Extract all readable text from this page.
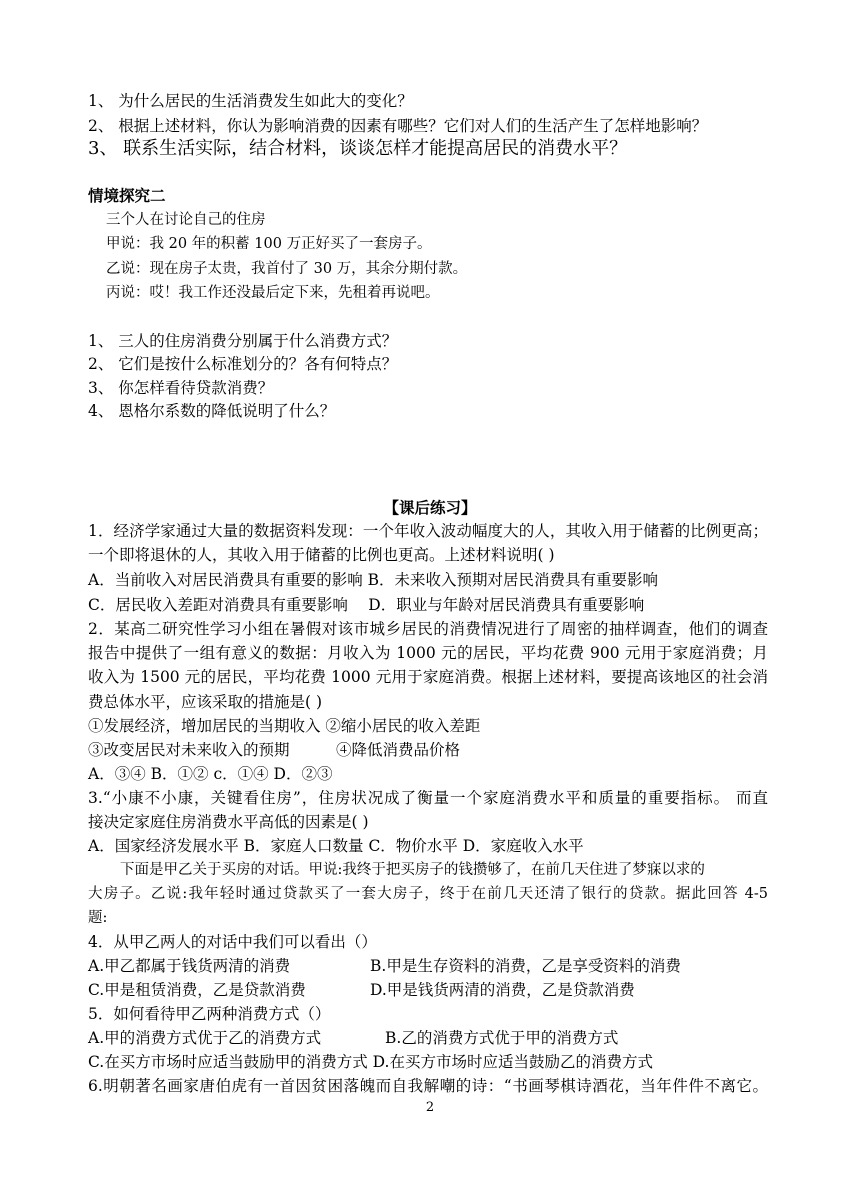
1、 为什么居民的生活消费发生如此大的变化？
2、 根据上述材料，你认为影响消费的因素有哪些？它们对人们的生活产生了怎样地影响？
3、 联系生活实际，结合材料，谈谈怎样才能提高居民的消费水平？
情境探究二
三个人在讨论自己的住房
甲说：我 20 年的积蓄 100 万正好买了一套房子。
乙说：现在房子太贵，我首付了 30 万，其余分期付款。
丙说：哎！我工作还没最后定下来，先租着再说吧。
1、 三人的住房消费分别属于什么消费方式？
2、 它们是按什么标准划分的？各有何特点？
3、 你怎样看待贷款消费？
4、 恩格尔系数的降低说明了什么？
【课后练习】
1．经济学家通过大量的数据资料发现：一个年收入波动幅度大的人，其收入用于储蓄的比例更高；
一个即将退休的人，其收入用于储蓄的比例也更高。上述材料说明( )
A．当前收入对居民消费具有重要的影响 B．未来收入预期对居民消费具有重要影响
C．居民收入差距对消费具有重要影响　 D．职业与年龄对居民消费具有重要影响
2．某高二研究性学习小组在暑假对该市城乡居民的消费情况进行了周密的抽样调查，他们的调查
报告中提供了一组有意义的数据：月收入为 1000 元的居民，平均花费 900 元用于家庭消费；月
收入为 1500 元的居民，平均花费 1000 元用于家庭消费。根据上述材料，要提高该地区的社会消
费总体水平，应该采取的措施是( )
①发展经济，增加居民的当期收入 ②缩小居民的收入差距
③改变居民对未来收入的预期　　　④降低消费品价格
A．③④ B．①② c．①④ D．②③
3.“小康不小康，关键看住房”，住房状况成了衡量一个家庭消费水平和质量的重要指标。 而直
接决定家庭住房消费水平高低的因素是( )
A．国家经济发展水平 B．家庭人口数量 C．物价水平 D．家庭收入水平
下面是甲乙关于买房的对话。甲说:我终于把买房子的钱攒够了，在前几天住进了梦寐以求的
大房子。乙说:我年轻时通过贷款买了一套大房子，终于在前几天还清了银行的贷款。据此回答 4-5
题:
4．从甲乙两人的对话中我们可以看出（）
A.甲乙都属于钱货两清的消费	B.甲是生存资料的消费，乙是享受资料的消费
C.甲是租赁消费，乙是贷款消费	D.甲是钱货两清的消费，乙是贷款消费
5．如何看待甲乙两种消费方式（）
A.甲的消费方式优于乙的消费方式	B.乙的消费方式优于甲的消费方式
C.在买方市场时应适当鼓励甲的消费方式 D.在买方市场时应适当鼓励乙的消费方式
6.明朝著名画家唐伯虎有一首因贫困落魄而自我解嘲的诗：“书画琴棋诗酒花，当年件件不离它。
2
